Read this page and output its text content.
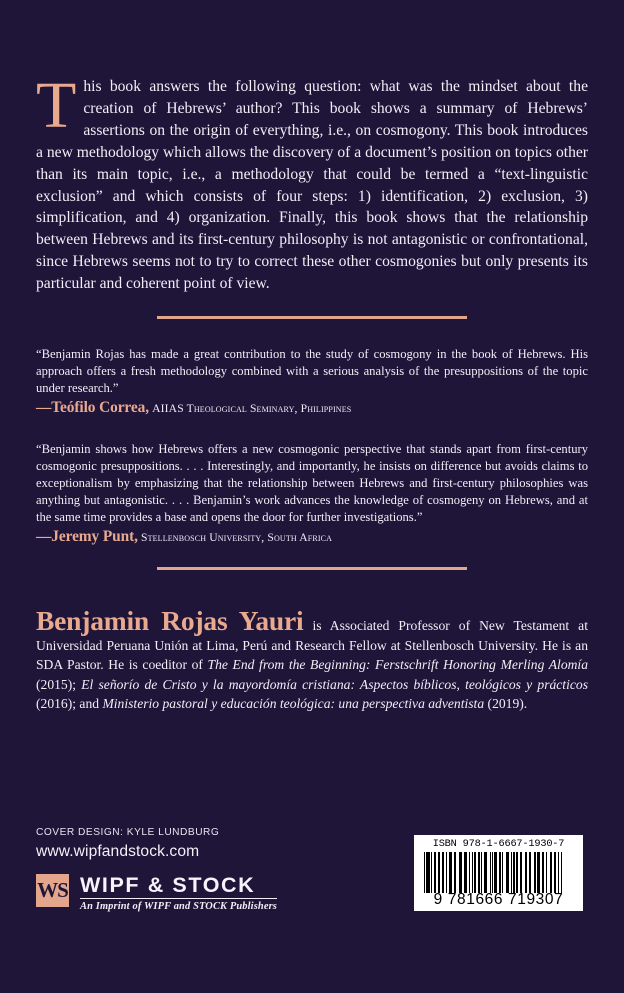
This book answers the following question: what was the mindset about the creation of Hebrews’ author? This book shows a summary of Hebrews’ assertions on the origin of everything, i.e., on cosmogony. This book introduces a new methodology which allows the discovery of a document’s position on topics other than its main topic, i.e., a methodology that could be termed a “text-linguistic exclusion” and which consists of four steps: 1) identification, 2) exclusion, 3) simplification, and 4) organization. Finally, this book shows that the relationship between Hebrews and its first-century philosophy is not antagonistic or confrontational, since Hebrews seems not to try to correct these other cosmogonies but only presents its particular and coherent point of view.
“Benjamin Rojas has made a great contribution to the study of cosmogony in the book of Hebrews. His approach offers a fresh methodology combined with a serious analysis of the presuppositions of the topic under research.”
—Teófilo Correa, AIIAS Theological Seminary, Philippines
“Benjamin shows how Hebrews offers a new cosmogonic perspective that stands apart from first-century cosmogonic presuppositions. . . . Interestingly, and importantly, he insists on difference but avoids claims to exceptionalism by emphasizing that the relationship between Hebrews and first-century philosophies was anything but antagonistic. . . . Benjamin’s work advances the knowledge of cosmogeny on Hebrews, and at the same time provides a base and opens the door for further investigations.”
—Jeremy Punt, Stellenbosch University, South Africa
Benjamin Rojas Yauri is Associated Professor of New Testament at Universidad Peruana Unión at Lima, Perú and Research Fellow at Stellenbosch University. He is an SDA Pastor. He is coeditor of The End from the Beginning: Ferstschrift Honoring Merling Alomía (2015); El señorío de Cristo y la mayordomía cristiana: Aspectos bíblicos, teológicos y prácticos (2016); and Ministerio pastoral y educación teológica: una perspectiva adventista (2019).
COVER DESIGN: KYLE LUNDBURG
www.wipfandstock.com
WS WIPF & STOCK
An Imprint of WIPF and STOCK Publishers
ISBN 978-1-6667-1930-7
9 781666 719307
